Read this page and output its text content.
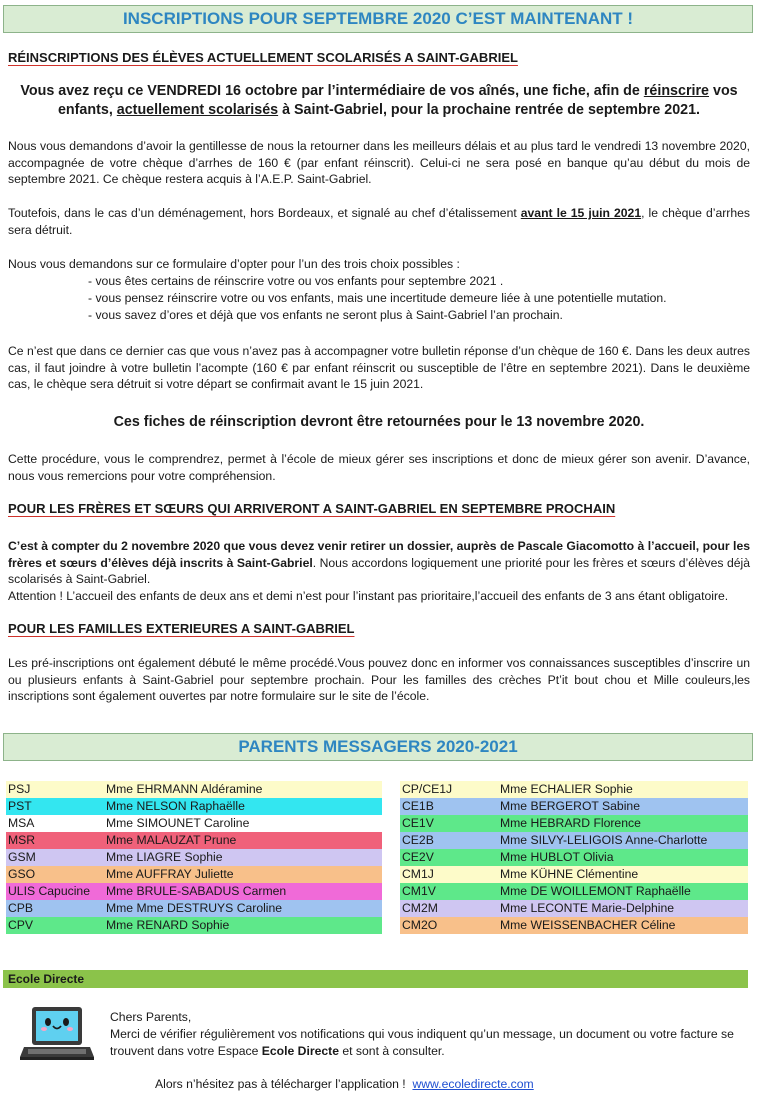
INSCRIPTIONS POUR SEPTEMBRE 2020 C’EST MAINTENANT !
RÉINSCRIPTIONS DES ÉLÈVES ACTUELLEMENT SCOLARISÉS A SAINT-GABRIEL
Vous avez reçu ce VENDREDI 16 octobre par l’intermédiaire de vos aînés, une fiche, afin de réinscrire vos enfants, actuellement scolarisés à Saint-Gabriel, pour la prochaine rentrée de septembre 2021.
Nous vous demandons d’avoir la gentillesse de nous la retourner dans les meilleurs délais et au plus tard le vendredi 13 novembre 2020, accompagnée de votre chèque d’arrhes de 160 € (par enfant réinscrit). Celui-ci ne sera posé en banque qu’au début du mois de septembre 2021. Ce chèque restera acquis à l’A.E.P. Saint-Gabriel.
Toutefois, dans le cas d’un déménagement, hors Bordeaux, et signalé au chef d’étalissement avant le 15 juin 2021, le chèque d’arrhes sera détruit.
Nous vous demandons sur ce formulaire d’opter pour l’un des trois choix possibles :
- vous êtes certains de réinscrire votre ou vos enfants pour septembre 2021 .
- vous pensez réinscrire votre ou vos enfants, mais une incertitude demeure liée à une potentielle mutation.
- vous savez d’ores et déjà que vos enfants ne seront plus à Saint-Gabriel l’an prochain.
Ce n’est que dans ce dernier cas que vous n’avez pas à accompagner votre bulletin réponse d’un chèque de 160 €. Dans les deux autres cas, il faut joindre à votre bulletin l’acompte (160 € par enfant réinscrit ou susceptible de l’être en septembre 2021). Dans le deuxième cas, le chèque sera détruit si votre départ se confirmait avant le 15 juin 2021.
Ces fiches de réinscription devront être retournées pour le 13 novembre 2020.
Cette procédure, vous le comprendrez, permet à l’école de mieux gérer ses inscriptions et donc de mieux gérer son avenir. D’avance, nous vous remercions pour votre compréhension.
POUR LES FRÈRES ET SŒURS QUI ARRIVERONT A SAINT-GABRIEL EN SEPTEMBRE PROCHAIN
C’est à compter du 2 novembre 2020 que vous devez venir retirer un dossier, auprès de Pascale Giacomotto à l’accueil, pour les frères et sœurs d’élèves déjà inscrits à Saint-Gabriel. Nous accordons logiquement une priorité pour les frères et sœurs d’élèves déjà scolarisés à Saint-Gabriel.
Attention ! L’accueil des enfants de deux ans et demi n’est pour l’instant pas prioritaire,l’accueil des enfants de 3 ans étant obligatoire.
POUR LES FAMILLES EXTERIEURES A SAINT-GABRIEL
Les pré-inscriptions ont également débuté le même procédé.Vous pouvez donc en informer vos connaissances susceptibles d’inscrire un ou plusieurs enfants à Saint-Gabriel pour septembre prochain. Pour les familles des crèches Pt’it bout chou et Mille couleurs,les inscriptions sont également ouvertes par notre formulaire sur le site de l’école.
PARENTS MESSAGERS 2020-2021
PSJ	Mme EHRMANN Aldéramine
PST	Mme NELSON Raphaëlle
MSA	Mme SIMOUNET Caroline
MSR	Mme MALAUZAT Prune
GSM	Mme LIAGRE Sophie
GSO	Mme AUFFRAY Juliette
ULIS Capucine	Mme BRULE-SABADUS Carmen
CPB	Mme Mme DESTRUYS Caroline
CPV	Mme RENARD Sophie
CP/CE1J	Mme ECHALIER Sophie
CE1B	Mme BERGEROT Sabine
CE1V	Mme HEBRARD Florence
CE2B	Mme SILVY-LELIGOIS Anne-Charlotte
CE2V	Mme HUBLOT Olivia
CM1J	Mme KÜHNE Clémentine
CM1V	Mme DE WOILLEMONT Raphaëlle
CM2M	Mme LECONTE Marie-Delphine
CM2O	Mme WEISSENBACHER Céline
Ecole Directe
Chers Parents,
Merci de vérifier régulièrement vos notifications qui vous indiquent qu’un message, un document ou votre facture se trouvent dans votre Espace Ecole Directe et sont à consulter.
Alors n’hésitez pas à télécharger l’application ! www.ecoledirecte.com
